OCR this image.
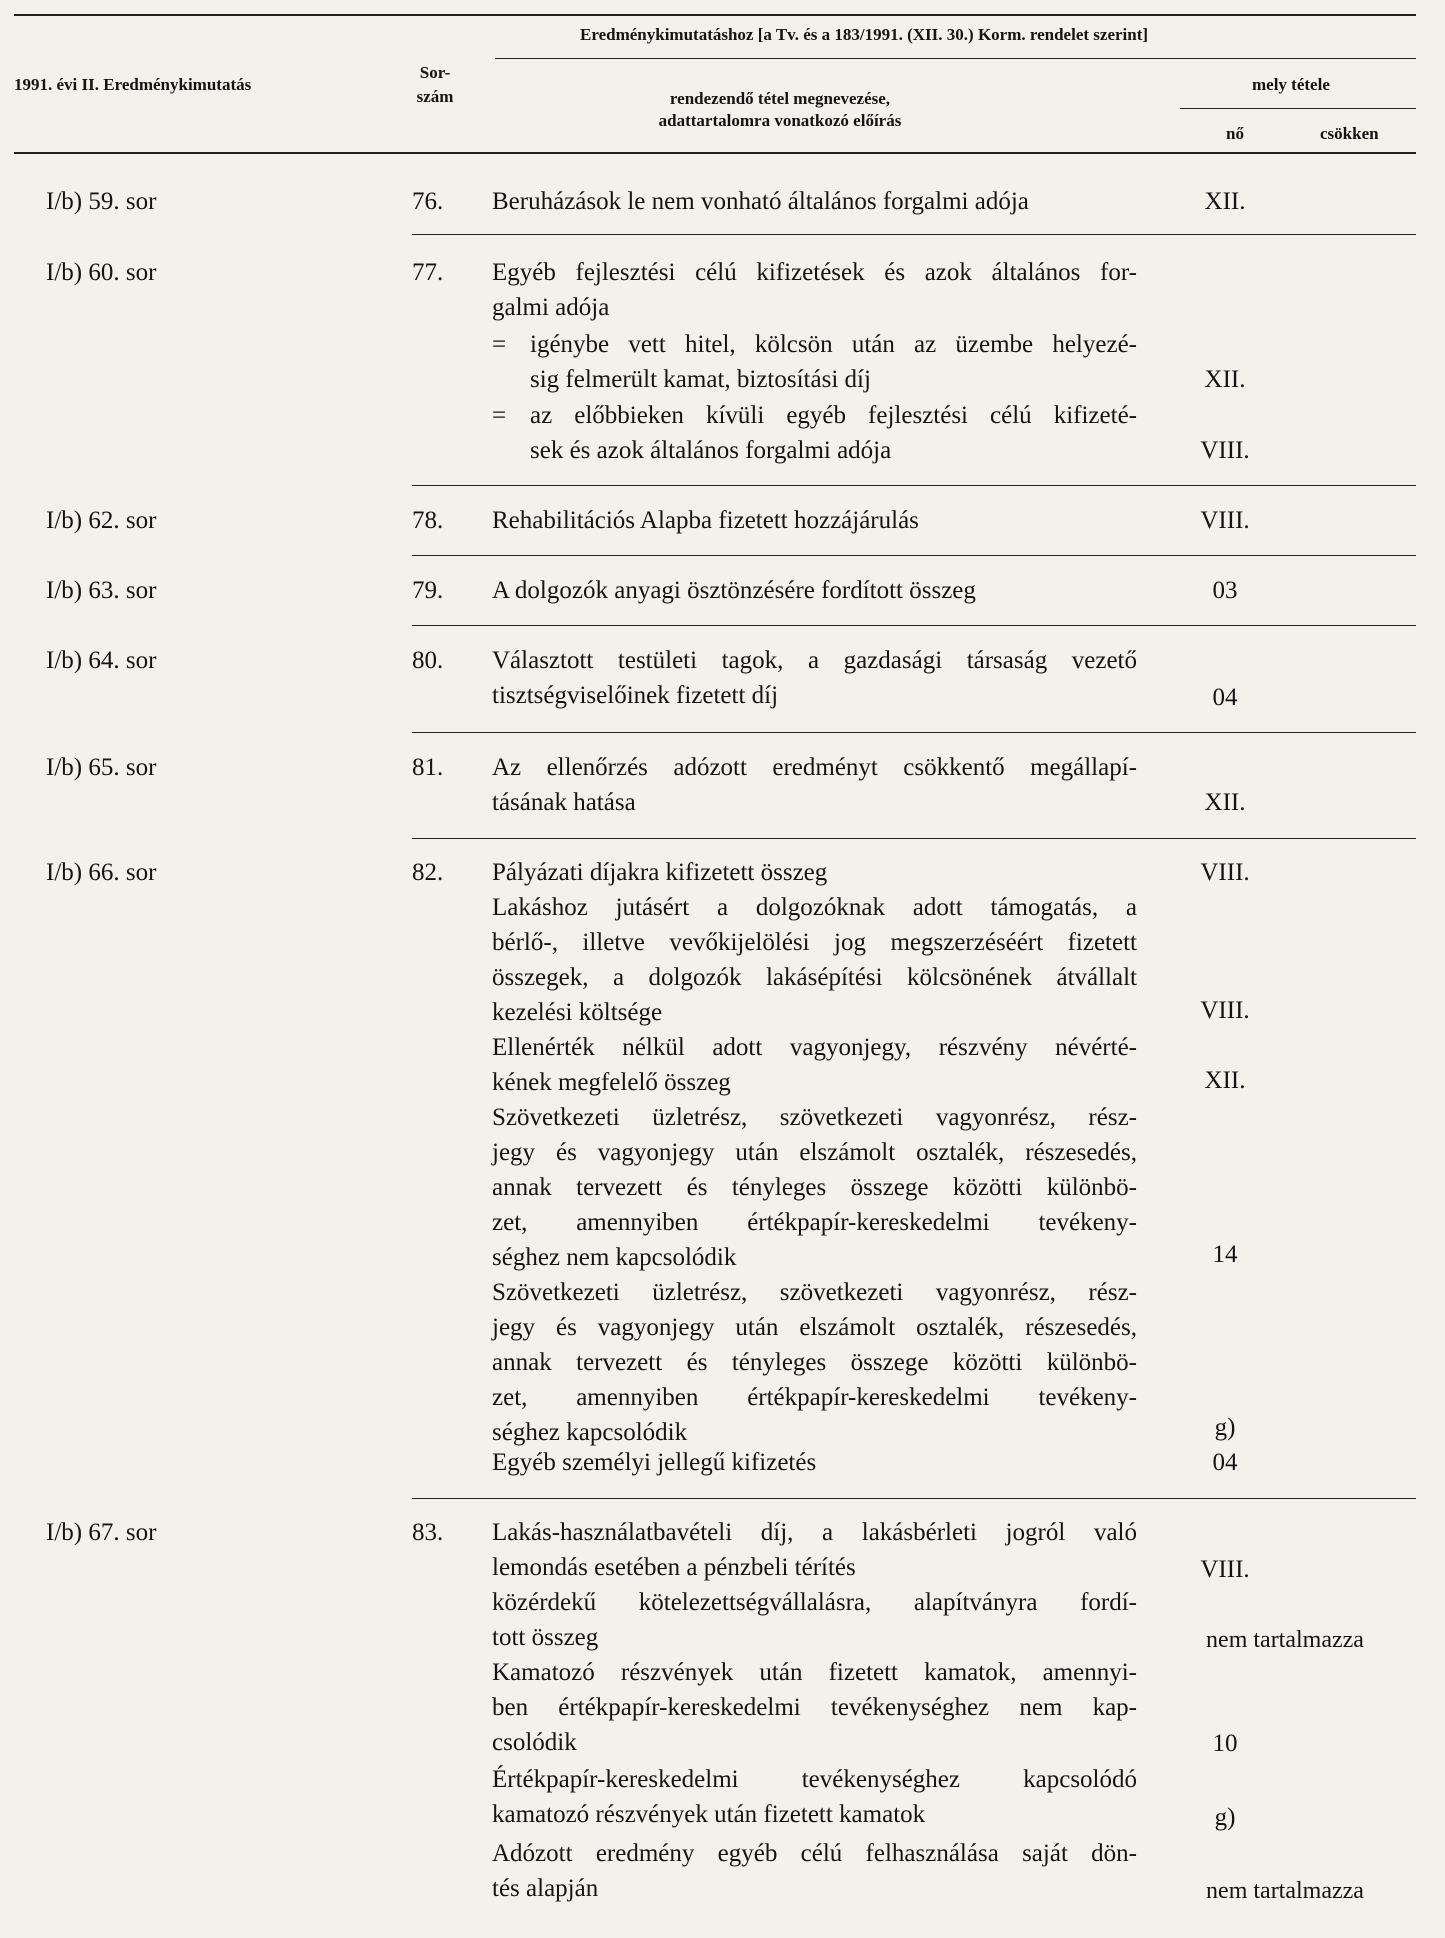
Eredménykimutatáshoz [a Tv. és a 183/1991. (XII. 30.) Korm. rendelet szerint]
1991. évi II. Eredménykimutatás
Sor-
szám	rendezendő tétel megnevezése,
adattartalomra vonatkozó előírás
mely tétele
nő	csökken
I/b) 59. sor	76. Beruházások le nem vonható általános forgalmi adója	XII.
I/b) 60. sor	77. Egyéb fejlesztési célú kifizetések és azok általános for-
galmi adója
= igénybe vett hitel, kölcsön után az üzembe helyezé-
sig felmerült kamat, biztosítási díj	XII.
= az előbbieken kívüli egyéb fejlesztési célú kifizeté-
sek és azok általános forgalmi adója	VIII.
I/b) 62. sor	78. Rehabilitációs Alapba fizetett hozzájárulás	VIII.
I/b) 63. sor	79. A dolgozók anyagi ösztönzésére fordított összeg	03
I/b) 64. sor	80. Választott testületi tagok, a gazdasági társaság vezető
tisztségviselőinek fizetett díj	04
I/b) 65. sor	81. Az ellenőrzés adózott eredményt csökkentő megállapí-
tásának hatása	XII.
I/b) 66. sor	82. Pályázati díjakra kifizetett összeg	VIII.
Lakáshoz jutásért a dolgozóknak adott támogatás, a
bérlő-, illetve vevőkijelölési jog megszerzéséért fizetett
összegek, a dolgozók lakásépítési kölcsönének átvállalt
kezelési költsége	VIII.
Ellenérték nélkül adott vagyonjegy, részvény névérté-
kének megfelelő összeg	XII.
Szövetkezeti üzletrész, szövetkezeti vagyonrész, rész-
jegy és vagyonjegy után elszámolt osztalék, részesedés,
annak tervezett és tényleges összege közötti különbö-
zet, amennyiben értékpapír-kereskedelmi tevékeny-
séghez nem kapcsolódik	14
Szövetkezeti üzletrész, szövetkezeti vagyonrész, rész-
jegy és vagyonjegy után elszámolt osztalék, részesedés,
annak tervezett és tényleges összege közötti különbö-
zet, amennyiben értékpapír-kereskedelmi tevékeny-
séghez kapcsolódik	g)
Egyéb személyi jellegű kifizetés	04
I/b) 67. sor	83. Lakás-használatbavételi díj, a lakásbérleti jogról való
lemondás esetében a pénzbeli térítés	VIII.
közérdekű kötelezettségvállalásra, alapítványra fordí-
tott összeg	nem tartalmazza
Kamatozó részvények után fizetett kamatok, amennyi-
ben értékpapír-kereskedelmi tevékenységhez nem kap-
csolódik	10
Értékpapír-kereskedelmi tevékenységhez kapcsolódó
kamatozó részvények után fizetett kamatok	g)
Adózott eredmény egyéb célú felhasználása saját dön-
tés alapján	nem tartalmazza
